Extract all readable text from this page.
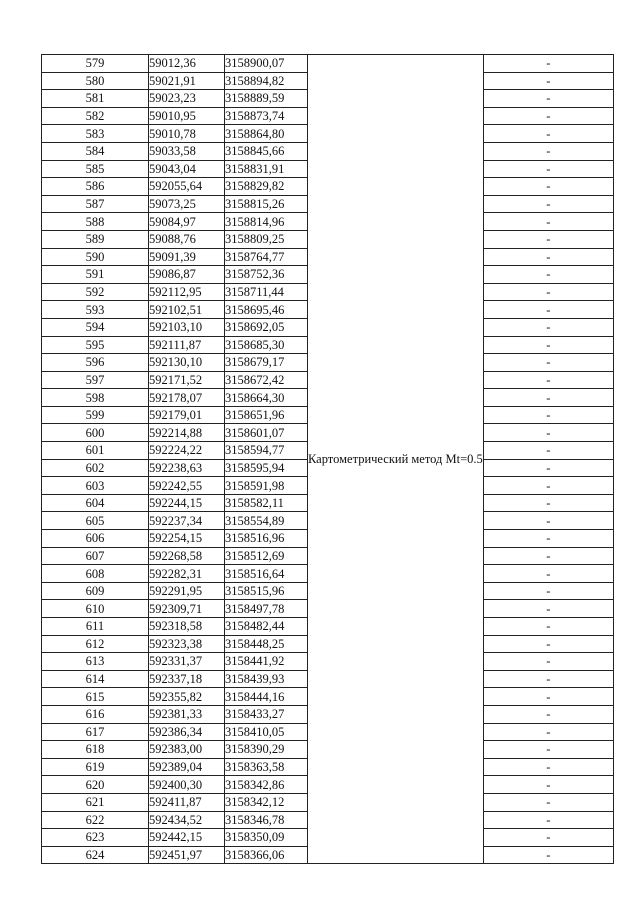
579	59012,36	3158900,07	Картометрический метод Mt=0.5	-
580	59021,91	3158894,82		-
581	59023,23	3158889,59		-
582	59010,95	3158873,74		-
583	59010,78	3158864,80		-
584	59033,58	3158845,66		-
585	59043,04	3158831,91		-
586	592055,64	3158829,82		-
587	59073,25	3158815,26		-
588	59084,97	3158814,96		-
589	59088,76	3158809,25		-
590	59091,39	3158764,77		-
591	59086,87	3158752,36		-
592	592112,95	3158711,44		-
593	592102,51	3158695,46		-
594	592103,10	3158692,05		-
595	592111,87	3158685,30		-
596	592130,10	3158679,17		-
597	592171,52	3158672,42		-
598	592178,07	3158664,30		-
599	592179,01	3158651,96		-
600	592214,88	3158601,07		-
601	592224,22	3158594,77		-
602	592238,63	3158595,94		-
603	592242,55	3158591,98		-
604	592244,15	3158582,11		-
605	592237,34	3158554,89		-
606	592254,15	3158516,96		-
607	592268,58	3158512,69		-
608	592282,31	3158516,64		-
609	592291,95	3158515,96		-
610	592309,71	3158497,78		-
611	592318,58	3158482,44		-
612	592323,38	3158448,25		-
613	592331,37	3158441,92		-
614	592337,18	3158439,93		-
615	592355,82	3158444,16		-
616	592381,33	3158433,27		-
617	592386,34	3158410,05		-
618	592383,00	3158390,29		-
619	592389,04	3158363,58		-
620	592400,30	3158342,86		-
621	592411,87	3158342,12		-
622	592434,52	3158346,78		-
623	592442,15	3158350,09		-
624	592451,97	3158366,06		-
